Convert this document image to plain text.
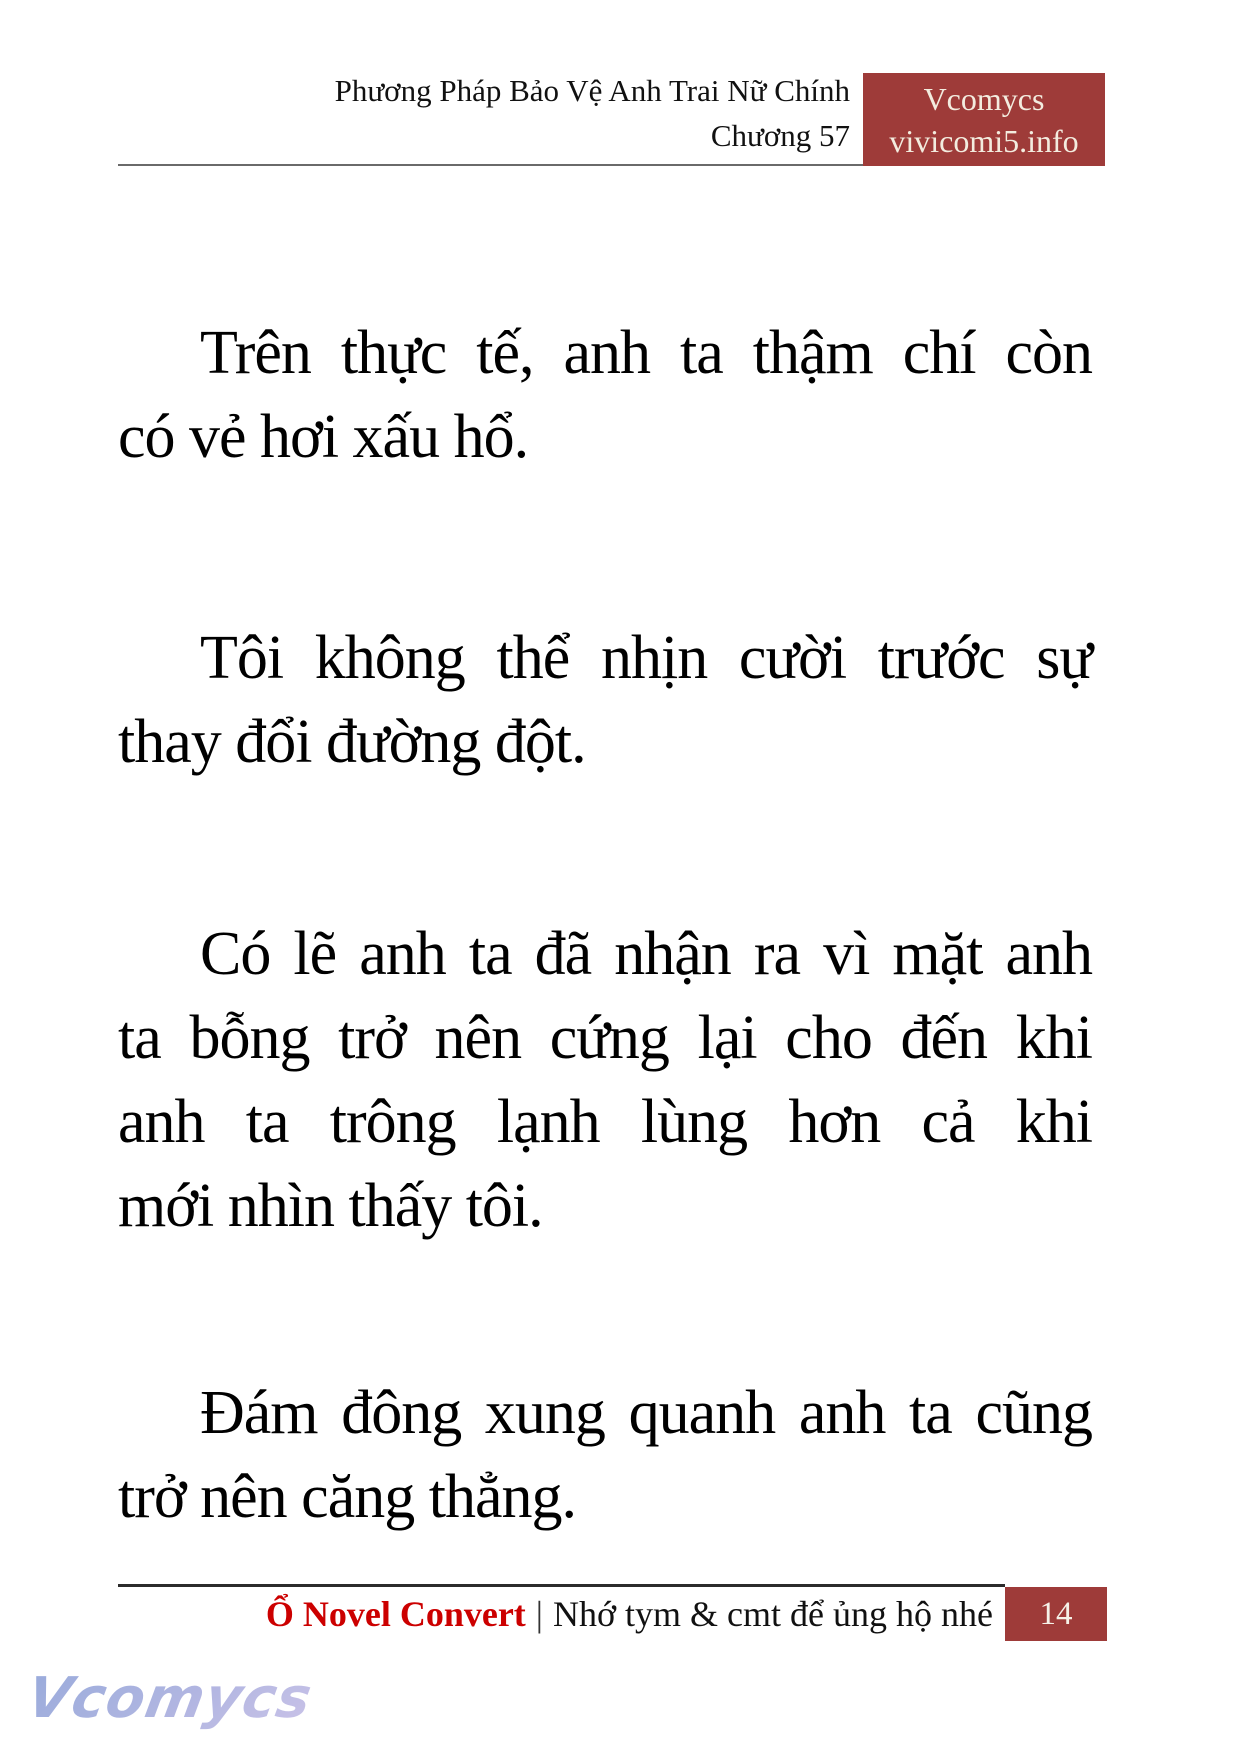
Phương Pháp Bảo Vệ Anh Trai Nữ Chính
Chương 57
Vcomycs
vivicomi5.info
Trên thực tế, anh ta thậm chí còn
có vẻ hơi xấu hổ.
Tôi không thể nhịn cười trước sự
thay đổi đường đột.
Có lẽ anh ta đã nhận ra vì mặt anh
ta bỗng trở nên cứng lại cho đến khi
anh ta trông lạnh lùng hơn cả khi
mới nhìn thấy tôi.
Đám đông xung quanh anh ta cũng
trở nên căng thẳng.
Ổ Novel Convert | Nhớ tym & cmt để ủng hộ nhé	14
Vcomycs
